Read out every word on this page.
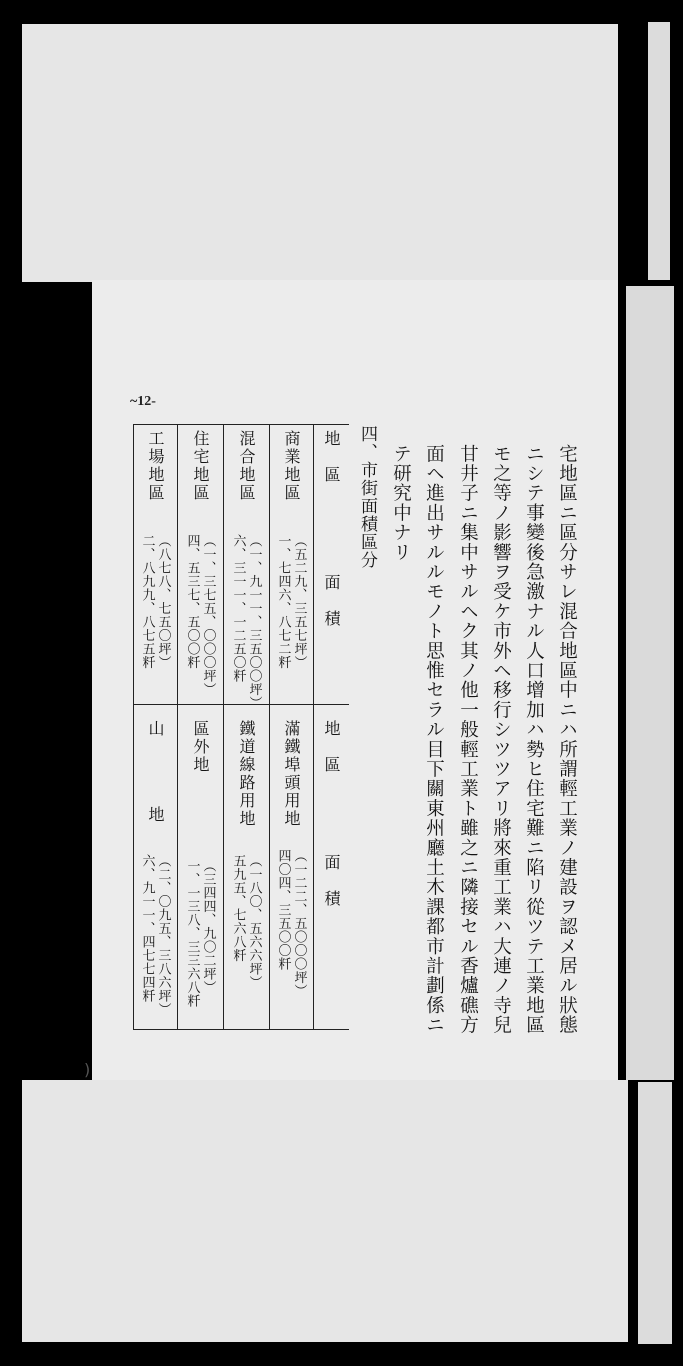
~12-
宅地區ニ區分サレ混合地區中ニハ所謂輕工業ノ建設ヲ認メ居ル狀態
ニシテ事變後急激ナル人口增加ハ勢ヒ住宅難ニ陷リ從ツテ工業地區
モ之等ノ影響ヲ受ケ市外ヘ移行シツツアリ將來重工業ハ大連ノ寺兒
甘井子ニ集中サルヘク其ノ他一般輕工業ト雖之ニ隣接セル香爐礁方
面ヘ進出サルルモノト思惟セラル目下關東州廳土木課都市計劃係ニ
テ研究中ナリ
四、市街面積區分
地　區
面　積
地　區
面　積
商業地區
一、七四六、八七二粁 （五二九、三五七坪）
滿鐵埠頭用地
四〇四、三五〇〇粁 （一二二、五〇〇〇坪）
混合地區
六、三一一、一二五〇粁 （一、九一一、三五〇〇坪）
鐵道線路用地
五九五、七六八粁 （一八〇、五六六坪）
住宅地區
四、五三七、五〇〇粁 （一、三七五、〇〇〇坪）
區外地
一、一三八、三三六八粁 （三四四、九〇二坪）
工場地區
二、八九九、八七五粁 （八七八、七五〇坪）
山地
六、九一一、四七七四粁 （二、〇九五、三八六坪）
)
